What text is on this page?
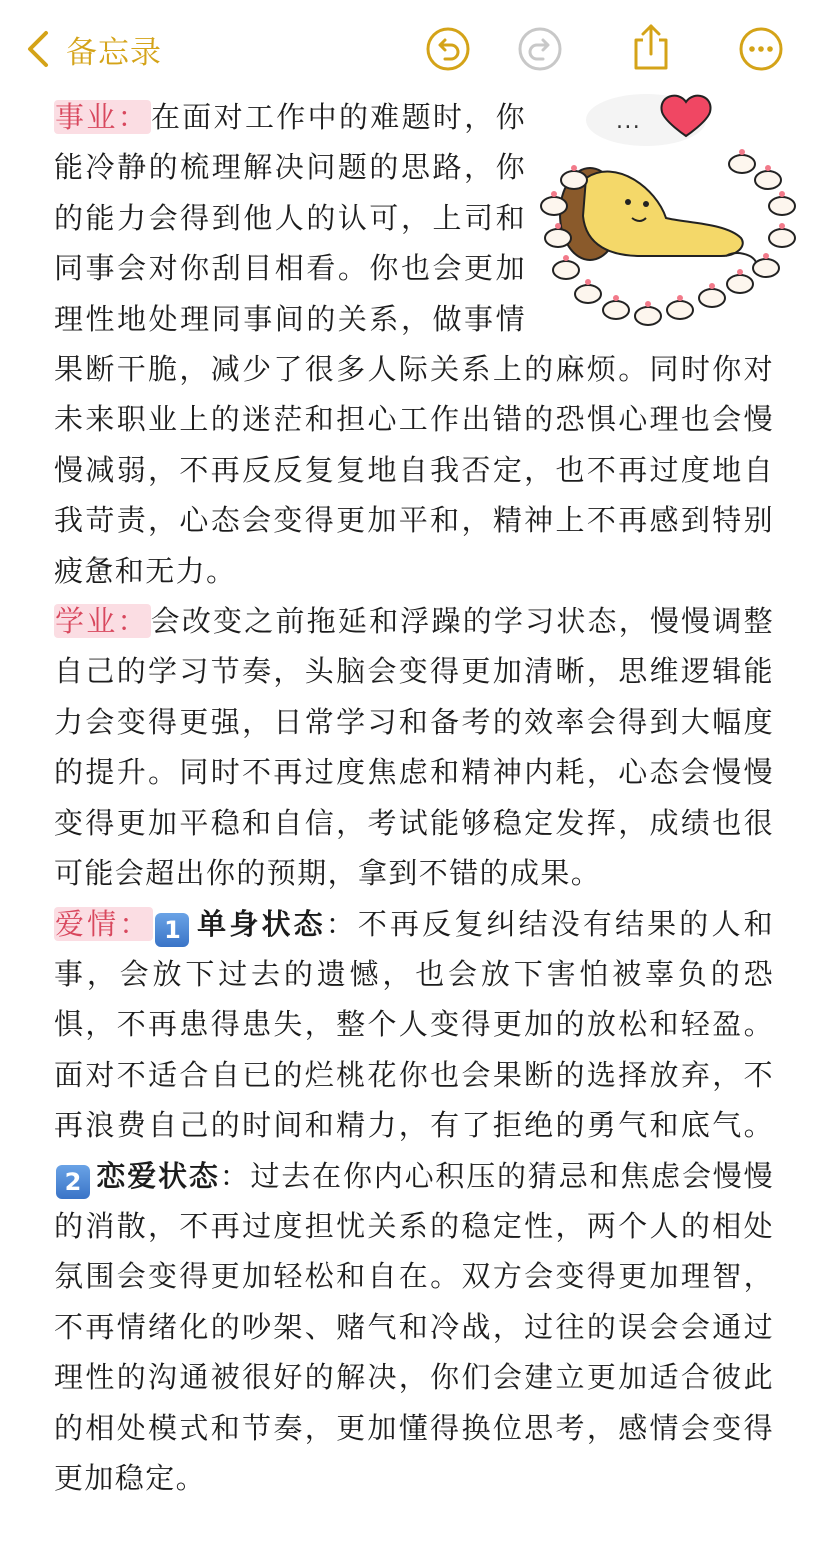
备忘录

...
事业：在面对工作中的难题时，你能冷静的梳理解决问题的思路，你的能力会得到他人的认可，上司和同事会对你刮目相看。你也会更加理性地处理同事间的关系，做事情果断干脆，减少了很多人际关系上的麻烦。同时你对未来职业上的迷茫和担心工作出错的恐惧心理也会慢慢减弱，不再反反复复地自我否定，也不再过度地自我苛责，心态会变得更加平和，精神上不再感到特别疲惫和无力。

学业：会改变之前拖延和浮躁的学习状态，慢慢调整自己的学习节奏，头脑会变得更加清晰，思维逻辑能力会变得更强，日常学习和备考的效率会得到大幅度的提升。同时不再过度焦虑和精神内耗，心态会慢慢变得更加平稳和自信，考试能够稳定发挥，成绩也很可能会超出你的预期，拿到不错的成果。

爱情： 1 单身状态：不再反复纠结没有结果的人和事，会放下过去的遗憾，也会放下害怕被辜负的恐惧，不再患得患失，整个人变得更加的放松和轻盈。面对不适合自已的烂桃花你也会果断的选择放弃，不再浪费自己的时间和精力，有了拒绝的勇气和底气。 2 恋爱状态：过去在你内心积压的猜忌和焦虑会慢慢的消散，不再过度担忧关系的稳定性，两个人的相处氛围会变得更加轻松和自在。双方会变得更加理智，不再情绪化的吵架、赌气和冷战，过往的误会会通过理性的沟通被很好的解决，你们会建立更加适合彼此的相处模式和节奏，更加懂得换位思考，感情会变得更加稳定。
